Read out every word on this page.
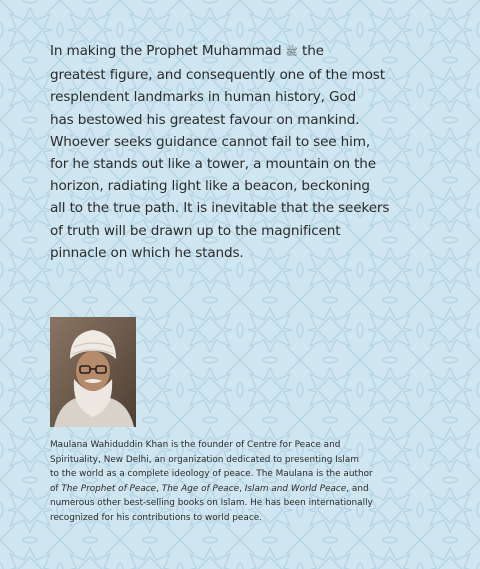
In making the Prophet Muhammad ﷺ the
greatest figure, and consequently one of the most
resplendent landmarks in human history, God
has bestowed his greatest favour on mankind.
Whoever seeks guidance cannot fail to see him,
for he stands out like a tower, a mountain on the
horizon, radiating light like a beacon, beckoning
all to the true path. It is inevitable that the seekers
of truth will be drawn up to the magnificent
pinnacle on which he stands.
Maulana Wahiduddin Khan is the founder of Centre for Peace and
Spirituality, New Delhi, an organization dedicated to presenting Islam
to the world as a complete ideology of peace. The Maulana is the author
of The Prophet of Peace, The Age of Peace, Islam and World Peace, and
numerous other best-selling books on Islam. He has been internationally
recognized for his contributions to world peace.
